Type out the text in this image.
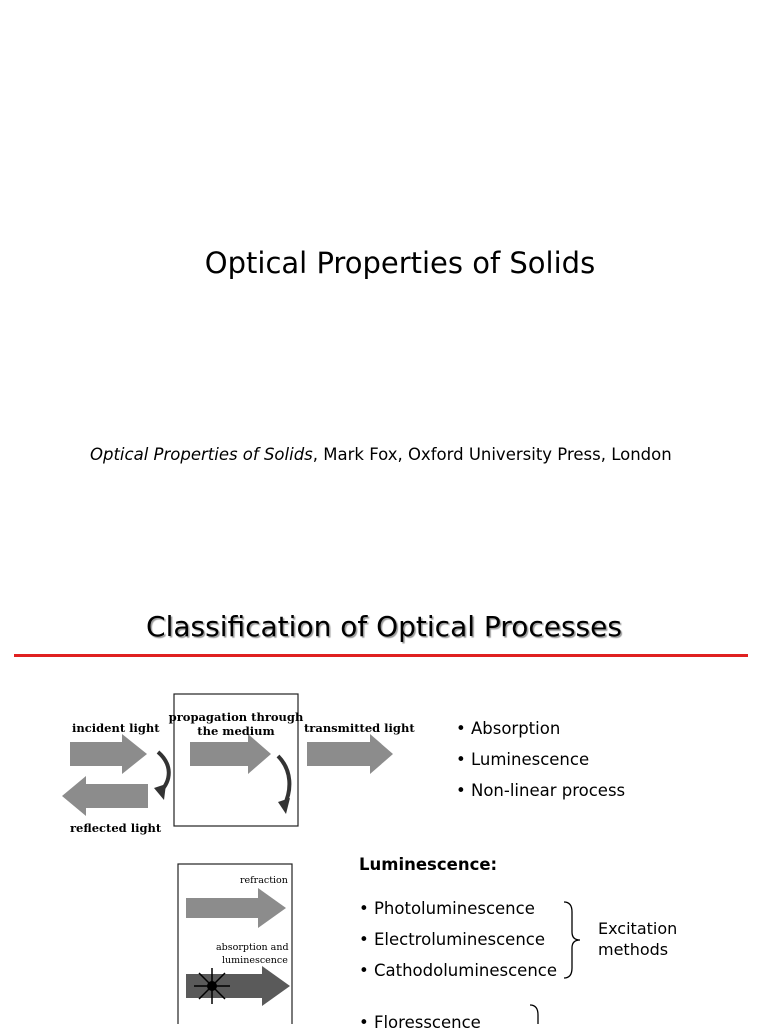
Optical Properties of Solids
Optical Properties of Solids, Mark Fox, Oxford University Press, London
Classification of Optical Processes
incident light
propagation through
the medium	transmitted light
reflected light
• Absorption
• Luminescence
• Non-linear process
refraction
absorption and
luminescence
Luminescence:
• Photoluminescence
• Electroluminescence
• Cathodoluminescence
Excitation
methods
• Floresscence
